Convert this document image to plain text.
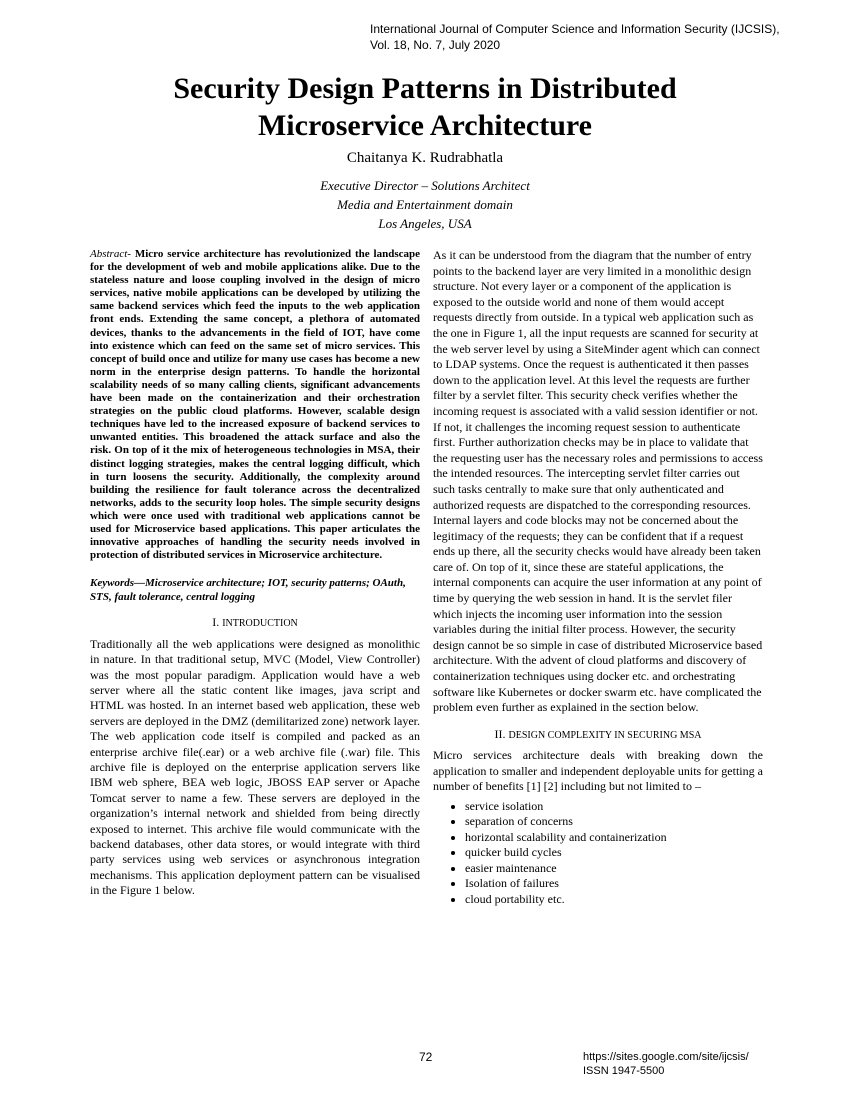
International Journal of Computer Science and Information Security (IJCSIS),
Vol. 18, No. 7, July 2020
Security Design Patterns in Distributed
Microservice Architecture
Chaitanya K. Rudrabhatla
Executive Director – Solutions Architect
Media and Entertainment domain
Los Angeles, USA

Abstract- Micro service architecture has revolutionized the landscape for the development of web and mobile applications alike. Due to the stateless nature and loose coupling involved in the design of micro services, native mobile applications can be developed by utilizing the same backend services which feed the inputs to the web application front ends. Extending the same concept, a plethora of automated devices, thanks to the advancements in the field of IOT, have come into existence which can feed on the same set of micro services. This concept of build once and utilize for many use cases has become a new norm in the enterprise design patterns. To handle the horizontal scalability needs of so many calling clients, significant advancements have been made on the containerization and their orchestration strategies on the public cloud platforms. However, scalable design techniques have led to the increased exposure of backend services to unwanted entities. This broadened the attack surface and also the risk. On top of it the mix of heterogeneous technologies in MSA, their distinct logging strategies, makes the central logging difficult, which in turn loosens the security. Additionally, the complexity around building the resilience for fault tolerance across the decentralized networks, adds to the security loop holes. The simple security designs which were once used with traditional web applications cannot be used for Microservice based applications. This paper articulates the innovative approaches of handling the security needs involved in protection of distributed services in Microservice architecture.

Keywords—Microservice architecture; IOT, security patterns; OAuth, STS, fault tolerance, central logging

I. INTRODUCTION

Traditionally all the web applications were designed as monolithic in nature. In that traditional setup, MVC (Model, View Controller) was the most popular paradigm. Application would have a web server where all the static content like images, java script and HTML was hosted. In an internet based web application, these web servers are deployed in the DMZ (demilitarized zone) network layer. The web application code itself is compiled and packed as an enterprise archive file(.ear) or a web archive file (.war) file. This archive file is deployed on the enterprise application servers like IBM web sphere, BEA web logic, JBOSS EAP server or Apache Tomcat server to name a few. These servers are deployed in the organization’s internal network and shielded from being directly exposed to internet. This archive file would communicate with the backend databases, other data stores, or would integrate with third party services using web services or asynchronous integration mechanisms. This application deployment pattern can be visualised in the Figure 1 below.

As it can be understood from the diagram that the number of entry points to the backend layer are very limited in a monolithic design structure. Not every layer or a component of the application is exposed to the outside world and none of them would accept requests directly from outside. In a typical web application such as the one in Figure 1, all the input requests are scanned for security at the web server level by using a SiteMinder agent which can connect to LDAP systems. Once the request is authenticated it then passes down to the application level. At this level the requests are further filter by a servlet filter. This security check verifies whether the incoming request is associated with a valid session identifier or not. If not, it challenges the incoming request session to authenticate first. Further authorization checks may be in place to validate that the requesting user has the necessary roles and permissions to access the intended resources. The intercepting servlet filter carries out such tasks centrally to make sure that only authenticated and authorized requests are dispatched to the corresponding resources. Internal layers and code blocks may not be concerned about the legitimacy of the requests; they can be confident that if a request ends up there, all the security checks would have already been taken care of. On top of it, since these are stateful applications, the internal components can acquire the user information at any point of time by querying the web session in hand. It is the servlet filer which injects the incoming user information into the session variables during the initial filter process. However, the security design cannot be so simple in case of distributed Microservice based architecture. With the advent of cloud platforms and discovery of containerization techniques using docker etc. and orchestrating software like Kubernetes or docker swarm etc. have complicated the problem even further as explained in the section below.

II. DESIGN COMPLEXITY IN SECURING MSA

Micro services architecture deals with breaking down the application to smaller and independent deployable units for getting a number of benefits [1] [2] including but not limited to –

• service isolation
• separation of concerns
• horizontal scalability and containerization
• quicker build cycles
• easier maintenance
• Isolation of failures
• cloud portability etc.
72	https://sites.google.com/site/ijcsis/
ISSN 1947-5500
